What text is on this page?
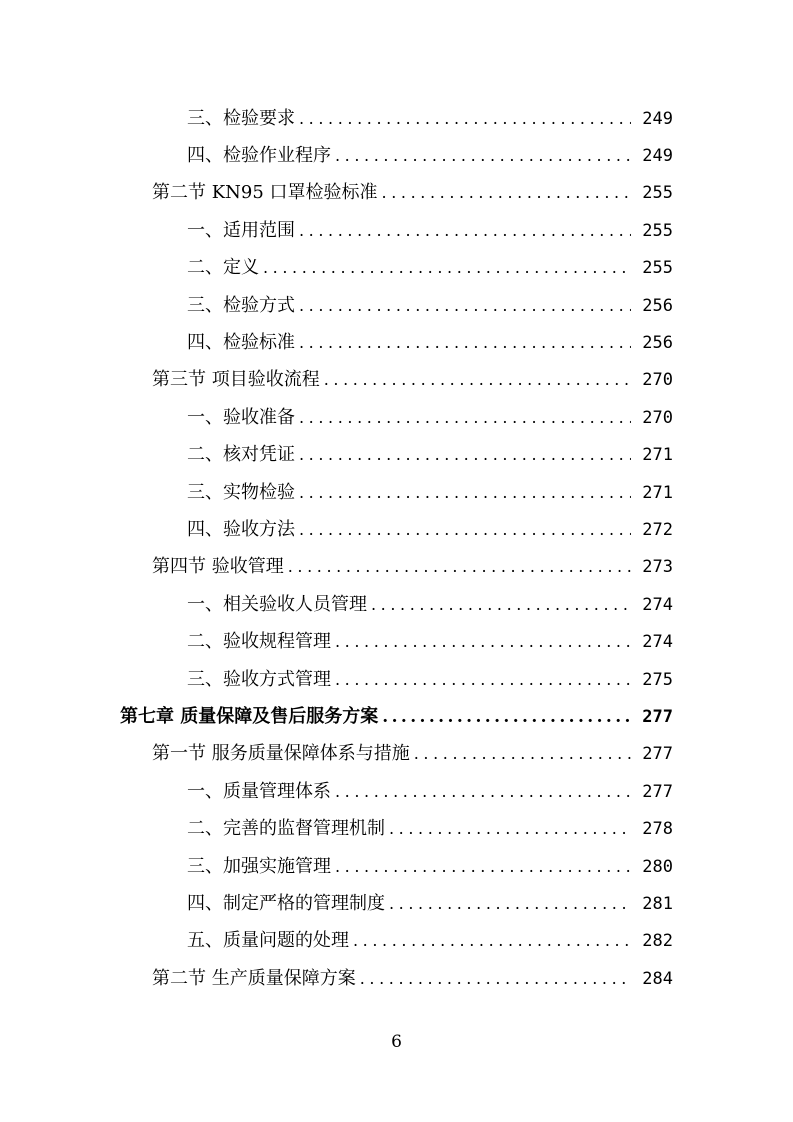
三、检验要求 .....	249
四、检验作业程序 .....	249
第二节 KN95 口罩检验标准 .....	255
一、适用范围 .....	255
二、定义 .....	255
三、检验方式 .....	256
四、检验标准 .....	256
第三节 项目验收流程 .....	270
一、验收准备 .....	270
二、核对凭证 .....	271
三、实物检验 .....	271
四、验收方法 .....	272
第四节 验收管理 .....	273
一、相关验收人员管理 .....	274
二、验收规程管理 .....	274
三、验收方式管理 .....	275
第七章 质量保障及售后服务方案 .....	277
第一节 服务质量保障体系与措施 .....	277
一、质量管理体系 .....	277
二、完善的监督管理机制 .....	278
三、加强实施管理 .....	280
四、制定严格的管理制度 .....	281
五、质量问题的处理 .....	282
第二节 生产质量保障方案 .....	284
6
